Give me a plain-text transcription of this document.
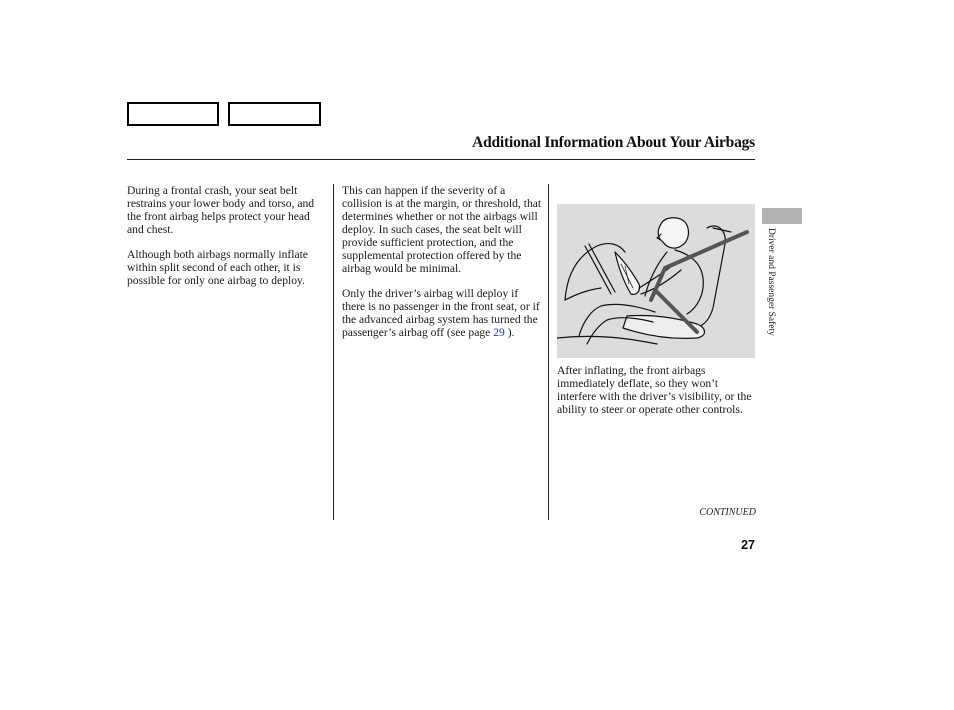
Additional Information About Your Airbags

During a frontal crash, your seat belt restrains your lower body and torso, and the front airbag helps protect your head and chest.

Although both airbags normally inflate within split second of each other, it is possible for only one airbag to deploy.

This can happen if the severity of a collision is at the margin, or threshold, that determines whether or not the airbags will deploy. In such cases, the seat belt will provide sufficient protection, and the supplemental protection offered by the airbag would be minimal.

Only the driver’s airbag will deploy if there is no passenger in the front seat, or if the advanced airbag system has turned the passenger’s airbag off (see page 29 ).

After inflating, the front airbags immediately deflate, so they won’t interfere with the driver’s visibility, or the ability to steer or operate other controls.

Driver and Passenger Safety
CONTINUED
27
